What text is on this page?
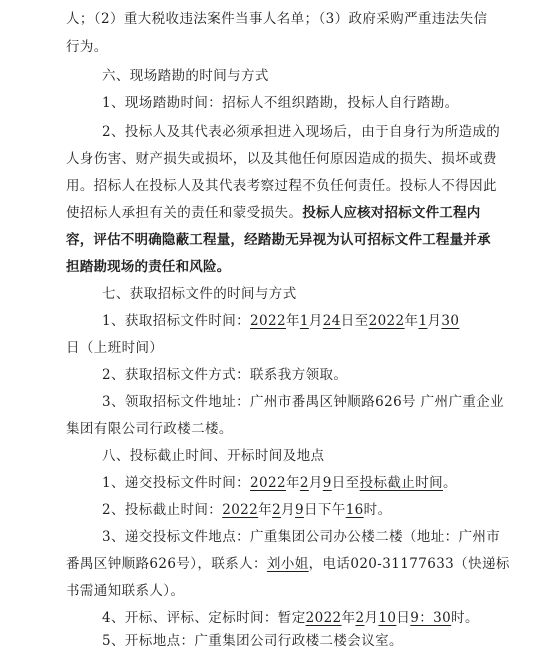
人；（2）重大税收违法案件当事人名单；（3）政府采购严重违法失信
行为。
六、现场踏勘的时间与方式
1、现场踏勘时间：招标人不组织踏勘，投标人自行踏勘。
2、投标人及其代表必须承担进入现场后，由于自身行为所造成的
人身伤害、财产损失或损坏，以及其他任何原因造成的损失、损坏或费
用。招标人在投标人及其代表考察过程不负任何责任。投标人不得因此
使招标人承担有关的责任和蒙受损失。投标人应核对招标文件工程内
容，评估不明确隐蔽工程量，经踏勘无异视为认可招标文件工程量并承
担踏勘现场的责任和风险。
七、获取招标文件的时间与方式
1、获取招标文件时间：2022年1月24日至2022年1月30
日（上班时间）
2、获取招标文件方式：联系我方领取。
3、领取招标文件地址：广州市番禺区钟顺路626号 广州广重企业
集团有限公司行政楼二楼。
八、投标截止时间、开标时间及地点
1、递交投标文件时间：2022年2月9日至投标截止时间。
2、投标截止时间：2022年2月9日下午16时。
3、递交投标文件地点：广重集团公司办公楼二楼（地址：广州市
番禺区钟顺路626号），联系人：刘小姐，电话020-31177633（快递标
书需通知联系人）。
4、开标、评标、定标时间：暂定2022年2月10日9：30时。
5、开标地点：广重集团公司行政楼二楼会议室。
